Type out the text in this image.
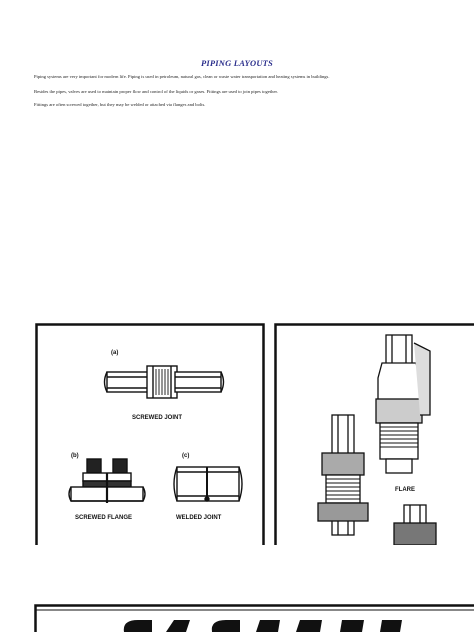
PIPING LAYOUTS
Piping systems are very important for modern life. Piping is used in petroleum, natural gas, clean or waste water transportation and heating systems in buildings.
Besides the pipes, valves are used to maintain proper flow and control of the liquids or gases. Fittings are used to join pipes together.
Fittings are often screwed together, but they may be welded or attached via flanges and bolts.
(a)
SCREWED JOINT
(b)
SCREWED FLANGE
(c)
WELDED JOINT
FLARE
